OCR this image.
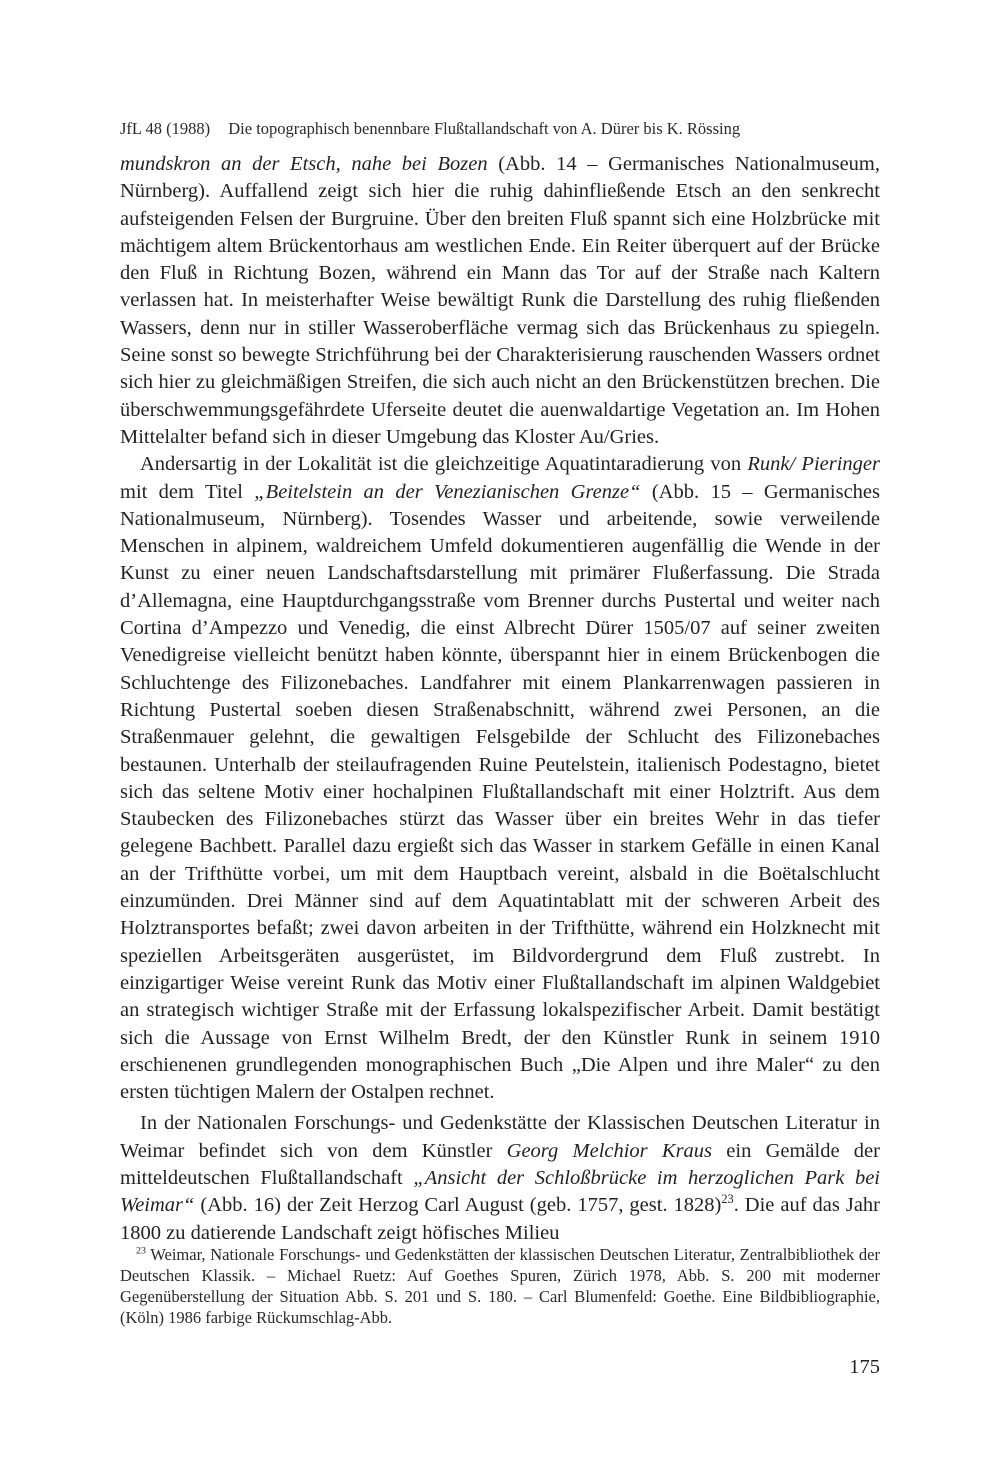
JfL 48 (1988) Die topographisch benennbare Flußtallandschaft von A. Dürer bis K. Rössing

mundskron an der Etsch, nahe bei Bozen (Abb. 14 – Germanisches Nationalmuseum, Nürnberg). Auffallend zeigt sich hier die ruhig dahinfließende Etsch an den senkrecht aufsteigenden Felsen der Burgruine. Über den breiten Fluß spannt sich eine Holzbrücke mit mächtigem altem Brückentorhaus am westlichen Ende. Ein Reiter überquert auf der Brücke den Fluß in Richtung Bozen, während ein Mann das Tor auf der Straße nach Kaltern verlassen hat. In meisterhafter Weise bewältigt Runk die Darstellung des ruhig fließenden Wassers, denn nur in stiller Wasseroberfläche vermag sich das Brückenhaus zu spiegeln. Seine sonst so bewegte Strichführung bei der Charakterisierung rauschenden Wassers ordnet sich hier zu gleichmäßigen Streifen, die sich auch nicht an den Brückenstützen brechen. Die überschwemmungsgefährdete Uferseite deutet die auenwaldartige Vegetation an. Im Hohen Mittelalter befand sich in dieser Umgebung das Kloster Au/Gries.

Andersartig in der Lokalität ist die gleichzeitige Aquatintaradierung von Runk/ Pieringer mit dem Titel „Beitelstein an der Venezianischen Grenze“ (Abb. 15 – Germanisches Nationalmuseum, Nürnberg). Tosendes Wasser und arbeitende, sowie verweilende Menschen in alpinem, waldreichem Umfeld dokumentieren augenfällig die Wende in der Kunst zu einer neuen Landschaftsdarstellung mit primärer Flußerfassung. Die Strada d’Allemagna, eine Hauptdurchgangsstraße vom Brenner durchs Pustertal und weiter nach Cortina d’Ampezzo und Venedig, die einst Albrecht Dürer 1505/07 auf seiner zweiten Venedigreise vielleicht benützt haben könnte, überspannt hier in einem Brückenbogen die Schluchtenge des Filizonebaches. Landfahrer mit einem Plankarrenwagen passieren in Richtung Pustertal soeben diesen Straßenabschnitt, während zwei Personen, an die Straßenmauer gelehnt, die gewaltigen Felsgebilde der Schlucht des Filizonebaches bestaunen. Unterhalb der steilaufragenden Ruine Peutelstein, italienisch Podestagno, bietet sich das seltene Motiv einer hochalpinen Flußtallandschaft mit einer Holztrift. Aus dem Staubecken des Filizonebaches stürzt das Wasser über ein breites Wehr in das tiefer gelegene Bachbett. Parallel dazu ergießt sich das Wasser in starkem Gefälle in einen Kanal an der Trifthütte vorbei, um mit dem Hauptbach vereint, alsbald in die Boëtalschlucht einzumünden. Drei Männer sind auf dem Aquatintablatt mit der schweren Arbeit des Holztransportes befaßt; zwei davon arbeiten in der Trifthütte, während ein Holzknecht mit speziellen Arbeitsgeräten ausgerüstet, im Bildvordergrund dem Fluß zustrebt. In einzigartiger Weise vereint Runk das Motiv einer Flußtallandschaft im alpinen Waldgebiet an strategisch wichtiger Straße mit der Erfassung lokalspezifischer Arbeit. Damit bestätigt sich die Aussage von Ernst Wilhelm Bredt, der den Künstler Runk in seinem 1910 erschienenen grundlegenden monographischen Buch „Die Alpen und ihre Maler“ zu den ersten tüchtigen Malern der Ostalpen rechnet.

In der Nationalen Forschungs- und Gedenkstätte der Klassischen Deutschen Literatur in Weimar befindet sich von dem Künstler Georg Melchior Kraus ein Gemälde der mitteldeutschen Flußtallandschaft „Ansicht der Schloßbrücke im herzoglichen Park bei Weimar“ (Abb. 16) der Zeit Herzog Carl August (geb. 1757, gest. 1828)$^{23}$. Die auf das Jahr 1800 zu datierende Landschaft zeigt höfisches Milieu

$^{23}$ Weimar, Nationale Forschungs- und Gedenkstätten der klassischen Deutschen Literatur, Zentralbibliothek der Deutschen Klassik. – Michael Ruetz: Auf Goethes Spuren, Zürich 1978, Abb. S. 200 mit moderner Gegenüberstellung der Situation Abb. S. 201 und S. 180. – Carl Blumenfeld: Goethe. Eine Bildbibliographie, (Köln) 1986 farbige Rückumschlag-Abb.

175
